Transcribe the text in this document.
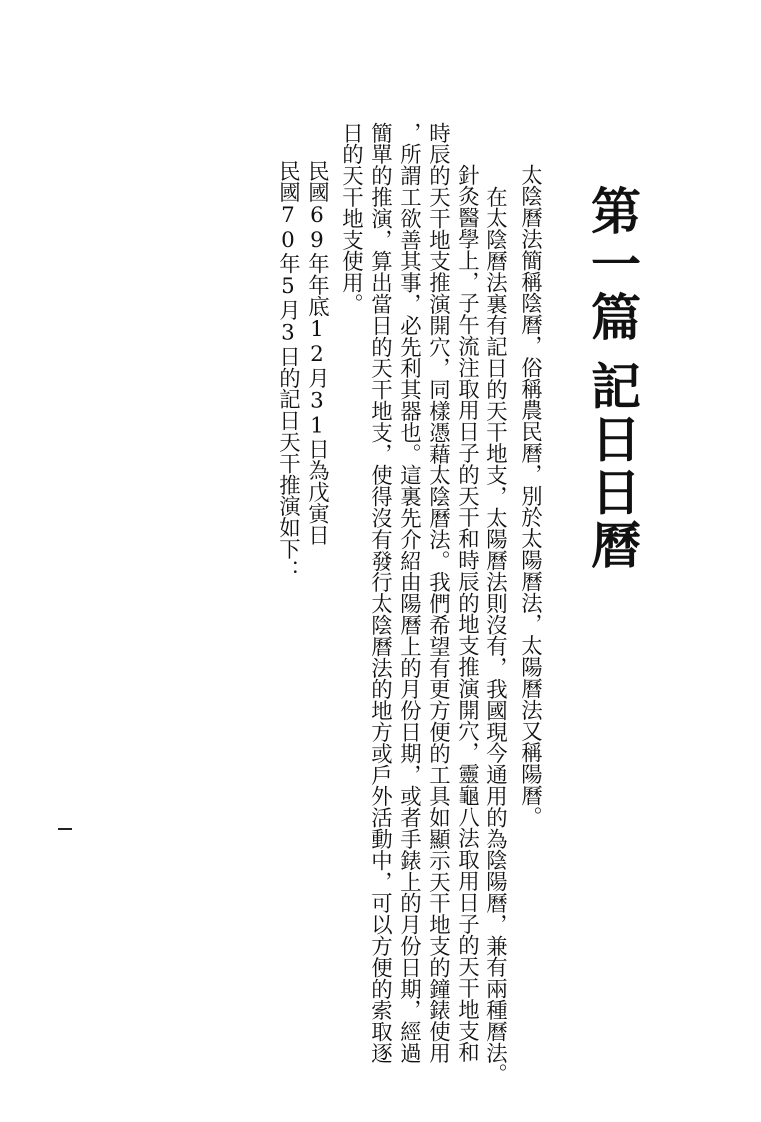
第一篇
記日日曆
太陰曆法簡稱陰曆，俗稱農民曆，別於太陽曆法，太陽曆法又稱陽曆。
在太陰曆法裏有記日的天干地支，太陽曆法則沒有，我國現今通用的為陰陽曆，兼有兩種曆法。
針灸醫學上，子午流注取用日子的天干和時辰的地支推演開穴，靈龜八法取用日子的天干地支和
時辰的天干地支推演開穴，同樣憑藉太陰曆法。我們希望有更方便的工具如顯示天干地支的鐘錶使用
，所謂工欲善其事，必先利其器也。這裏先介紹由陽曆上的月份日期，或者手錶上的月份日期，經過
簡單的推演，算出當日的天干地支，使得沒有發行太陰曆法的地方或戶外活動中，可以方便的索取逐
日的天干地支使用。
民國69年年底12月31日為戊寅日
民國70年5月3日的記日天干推演如下：
